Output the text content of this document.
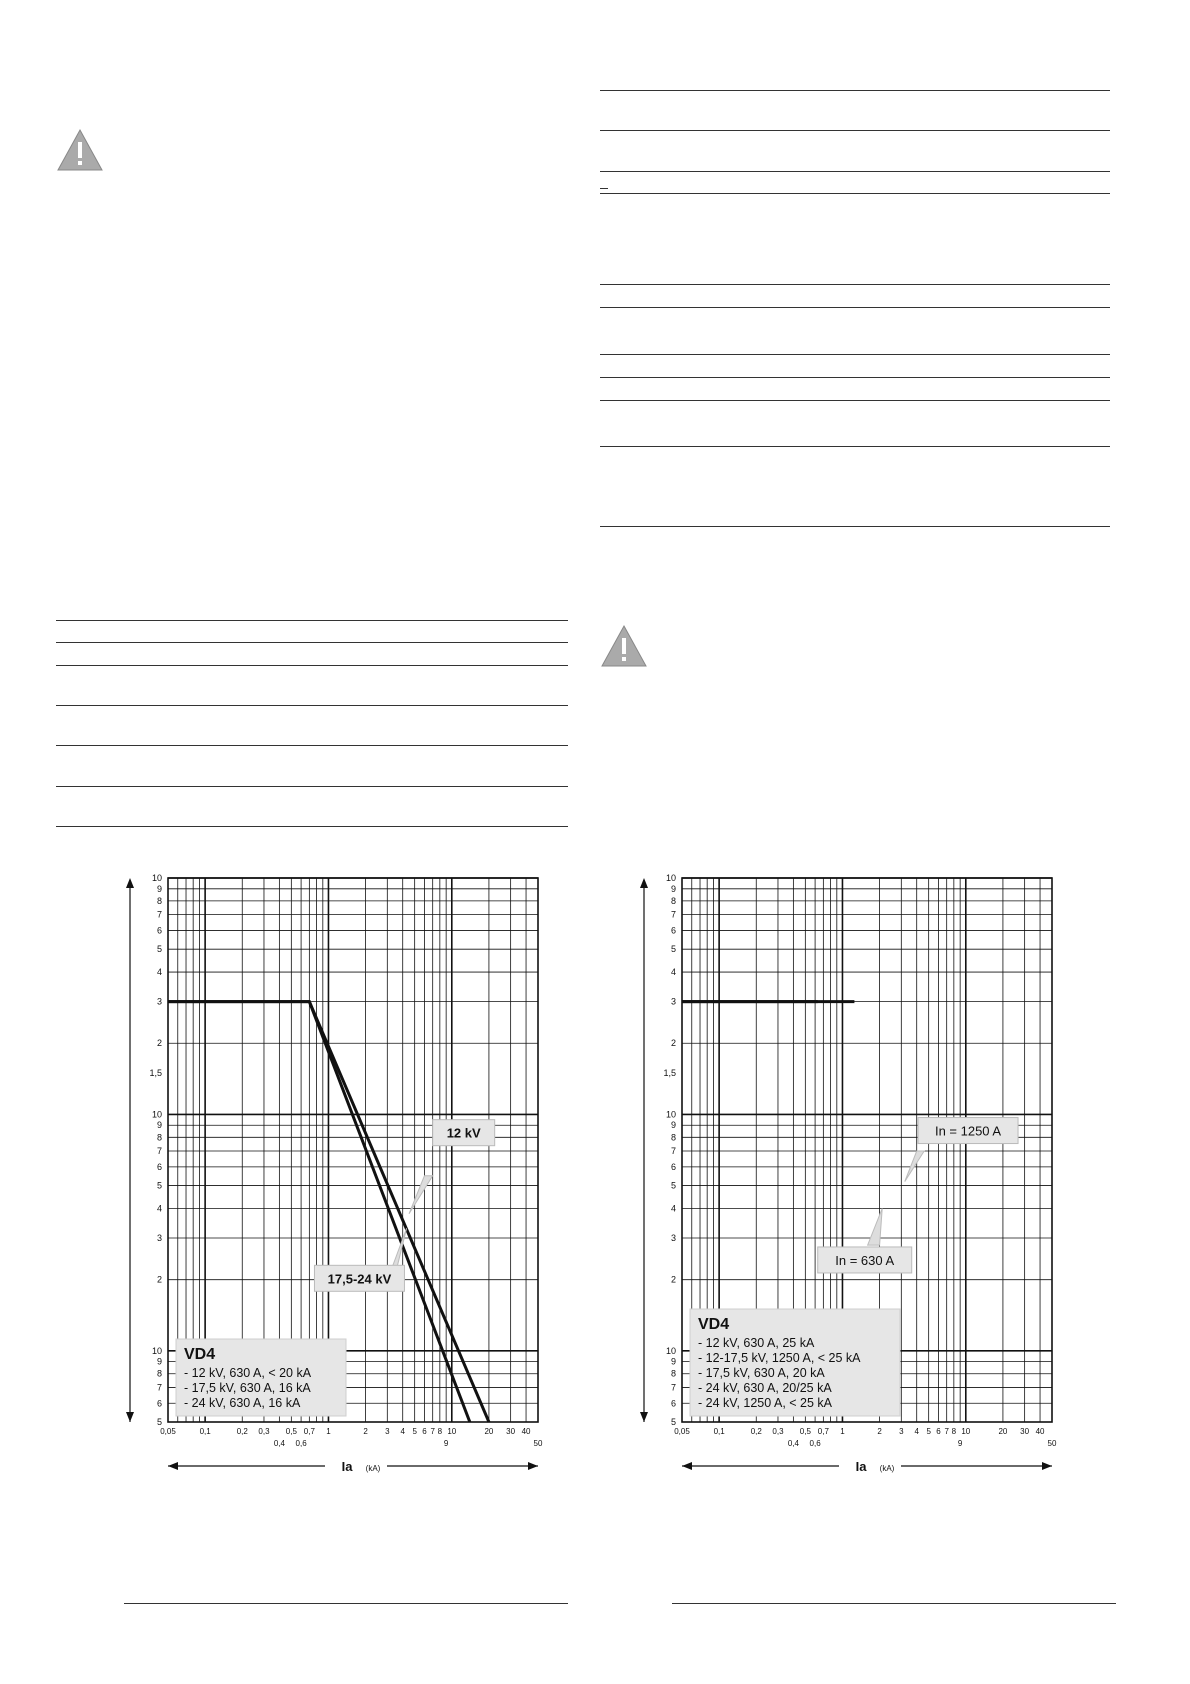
5
6
7
8
9
10
2
3
4
5
6
7
8
9
10
1,5
2
3
4
5
6
7
8
9
10
0,05	0,1	0,2 0,3
0,4
0,5
0,6
0,7 1	2 3 4 5 6 7 8
9
10	20 30 40
50
Ia (kA)
VD4
- 12 kV, 630 A, < 20 kA
- 17,5 kV, 630 A, 16 kA
- 24 kV, 630 A, 16 kA
12 kV
17,5-24 kV
5
6
7
8
9
10
2
3
4
5
6
7
8
9
10
1,5
2
3
4
5
6
7
8
9
10
0,05	0,1	0,2 0,3
0,4
0,5
0,6
0,7 1	2 3 4 5 6 7 8
9
10	20 30 40
50
Ia (kA)
VD4
- 12 kV, 630 A, 25 kA
- 12-17,5 kV, 1250 A, < 25 kA
- 17,5 kV, 630 A, 20 kA
- 24 kV, 630 A, 20/25 kA
- 24 kV, 1250 A, < 25 kA
In = 1250 A
In = 630 A
